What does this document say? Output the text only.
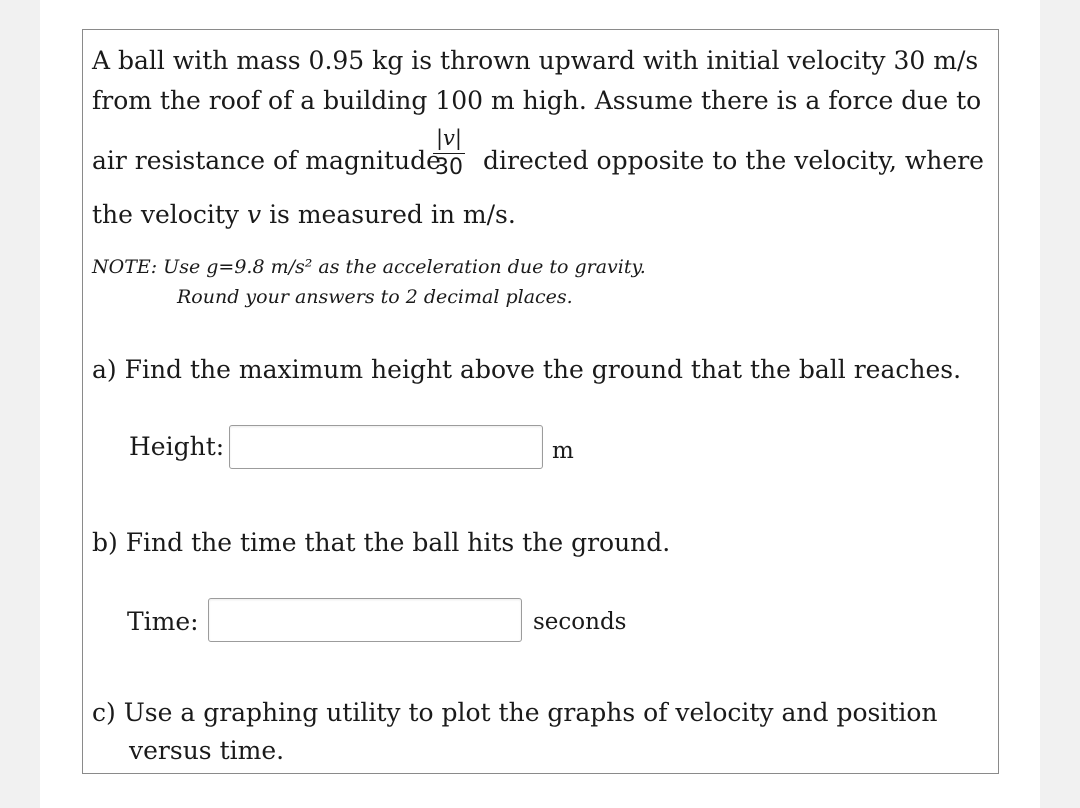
A ball with mass 0.95 kg is thrown upward with initial velocity 30 m/s
from the roof of a building 100 m high. Assume there is a force due to
air resistance of magnitude
|v|
30 directed opposite to the velocity, where
the velocity v is measured in m/s.
NOTE: Use g=9.8 m/s² as the acceleration due to gravity.
Round your answers to 2 decimal places.
a) Find the maximum height above the ground that the ball reaches.
Height:	m
b) Find the time that the ball hits the ground.
Time:	seconds
c) Use a graphing utility to plot the graphs of velocity and position
versus time.
